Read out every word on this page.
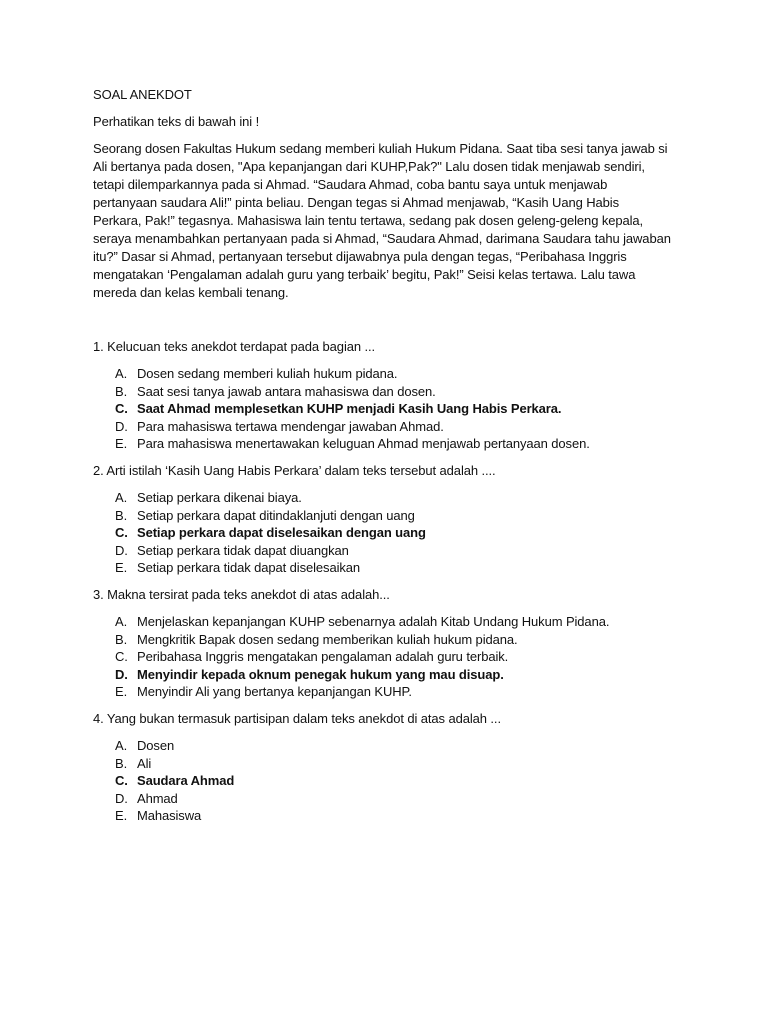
SOAL ANEKDOT
Perhatikan teks di bawah ini !
Seorang dosen Fakultas Hukum sedang memberi kuliah Hukum Pidana. Saat tiba sesi tanya jawab si
Ali bertanya pada dosen, "Apa kepanjangan dari KUHP,Pak?" Lalu dosen tidak menjawab sendiri,
tetapi dilemparkannya pada si Ahmad. “Saudara Ahmad, coba bantu saya untuk menjawab
pertanyaan saudara Ali!” pinta beliau. Dengan tegas si Ahmad menjawab, “Kasih Uang Habis
Perkara, Pak!” tegasnya. Mahasiswa lain tentu tertawa, sedang pak dosen geleng-geleng kepala,
seraya menambahkan pertanyaan pada si Ahmad, “Saudara Ahmad, darimana Saudara tahu jawaban
itu?” Dasar si Ahmad, pertanyaan tersebut dijawabnya pula dengan tegas, “Peribahasa Inggris
mengatakan ‘Pengalaman adalah guru yang terbaik’ begitu, Pak!” Seisi kelas tertawa. Lalu tawa
mereda dan kelas kembali tenang.
1. Kelucuan teks anekdot terdapat pada bagian ...
A. Dosen sedang memberi kuliah hukum pidana.
B. Saat sesi tanya jawab antara mahasiswa dan dosen.
C. Saat Ahmad memplesetkan KUHP menjadi Kasih Uang Habis Perkara.
D. Para mahasiswa tertawa mendengar jawaban Ahmad.
E. Para mahasiswa menertawakan keluguan Ahmad menjawab pertanyaan dosen.
2. Arti istilah ‘Kasih Uang Habis Perkara’ dalam teks tersebut adalah ....
A. Setiap perkara dikenai biaya.
B. Setiap perkara dapat ditindaklanjuti dengan uang
C. Setiap perkara dapat diselesaikan dengan uang
D. Setiap perkara tidak dapat diuangkan
E. Setiap perkara tidak dapat diselesaikan
3. Makna tersirat pada teks anekdot di atas adalah...
A. Menjelaskan kepanjangan KUHP sebenarnya adalah Kitab Undang Hukum Pidana.
B. Mengkritik Bapak dosen sedang memberikan kuliah hukum pidana.
C. Peribahasa Inggris mengatakan pengalaman adalah guru terbaik.
D. Menyindir kepada oknum penegak hukum yang mau disuap.
E. Menyindir Ali yang bertanya kepanjangan KUHP.
4. Yang bukan termasuk partisipan dalam teks anekdot di atas adalah ...
A. Dosen
B. Ali
C. Saudara Ahmad
D. Ahmad
E. Mahasiswa
